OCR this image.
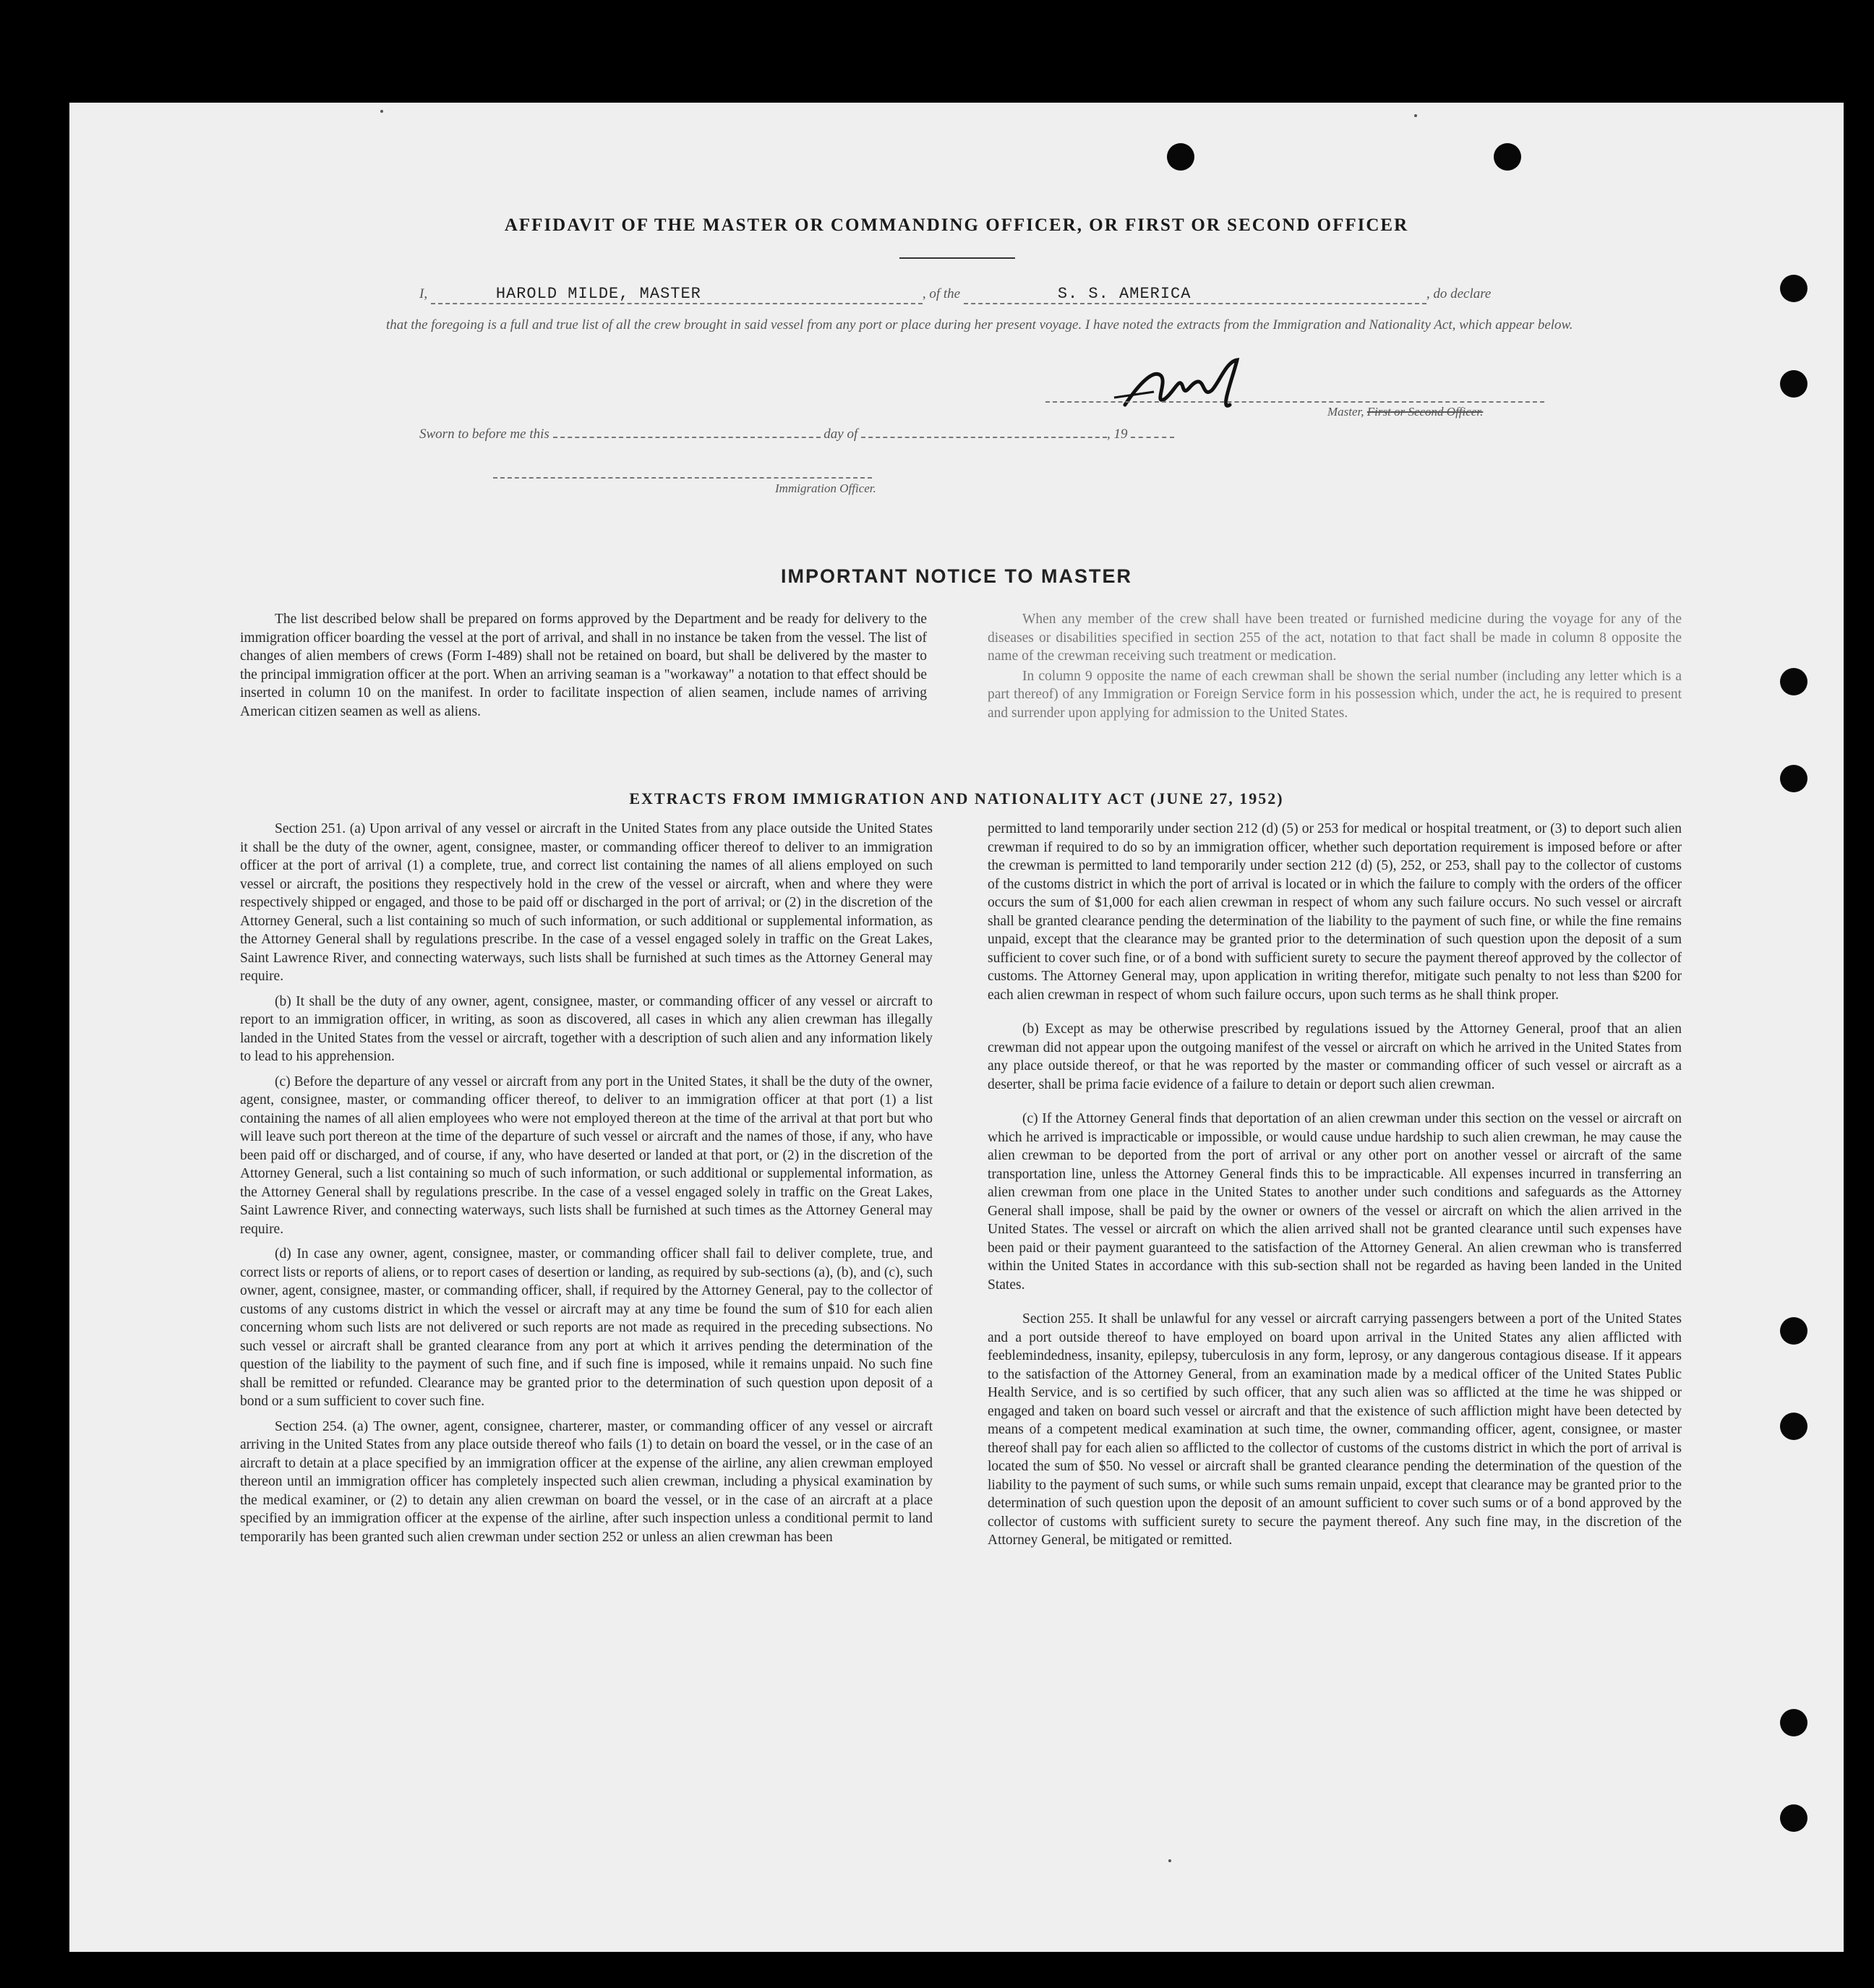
AFFIDAVIT OF THE MASTER OR COMMANDING OFFICER, OR FIRST OR SECOND OFFICER
I,	HAROLD MILDE, MASTER	, of the	S. S. AMERICA	, do declare
that the foregoing is a full and true list of all the crew brought in said vessel from any port or place during her present voyage. I have noted the extracts from the Immigration and Nationality Act, which appear below.
Master, First or Second Officer.
Sworn to before me this	day of	, 19
Immigration Officer.
IMPORTANT NOTICE TO MASTER

The list described below shall be prepared on forms approved by the Department and be ready for delivery to the immigration officer boarding the vessel at the port of arrival, and shall in no instance be taken from the vessel. The list of changes of alien members of crews (Form I-489) shall not be retained on board, but shall be delivered by the master to the principal immigration officer at the port. When an arriving seaman is a "workaway" a notation to that effect should be inserted in column 10 on the manifest. In order to facilitate inspection of alien seamen, include names of arriving American citizen seamen as well as aliens.

When any member of the crew shall have been treated or furnished medicine during the voyage for any of the diseases or disabilities specified in section 255 of the act, notation to that fact shall be made in column 8 opposite the name of the crewman receiving such treatment or medication.

In column 9 opposite the name of each crewman shall be shown the serial number (including any letter which is a part thereof) of any Immigration or Foreign Service form in his possession which, under the act, he is required to present and surrender upon applying for admission to the United States.

EXTRACTS FROM IMMIGRATION AND NATIONALITY ACT (JUNE 27, 1952)

Section 251. (a) Upon arrival of any vessel or aircraft in the United States from any place outside the United States it shall be the duty of the owner, agent, consignee, master, or commanding officer thereof to deliver to an immigration officer at the port of arrival (1) a complete, true, and correct list containing the names of all aliens employed on such vessel or aircraft, the positions they respectively hold in the crew of the vessel or aircraft, when and where they were respectively shipped or engaged, and those to be paid off or discharged in the port of arrival; or (2) in the discretion of the Attorney General, such a list containing so much of such information, or such additional or supplemental information, as the Attorney General shall by regulations prescribe. In the case of a vessel engaged solely in traffic on the Great Lakes, Saint Lawrence River, and connecting waterways, such lists shall be furnished at such times as the Attorney General may require.

(b) It shall be the duty of any owner, agent, consignee, master, or commanding officer of any vessel or aircraft to report to an immigration officer, in writing, as soon as discovered, all cases in which any alien crewman has illegally landed in the United States from the vessel or aircraft, together with a description of such alien and any information likely to lead to his apprehension.

(c) Before the departure of any vessel or aircraft from any port in the United States, it shall be the duty of the owner, agent, consignee, master, or commanding officer thereof, to deliver to an immigration officer at that port (1) a list containing the names of all alien employees who were not employed thereon at the time of the arrival at that port but who will leave such port thereon at the time of the departure of such vessel or aircraft and the names of those, if any, who have been paid off or discharged, and of course, if any, who have deserted or landed at that port, or (2) in the discretion of the Attorney General, such a list containing so much of such information, or such additional or supplemental information, as the Attorney General shall by regulations prescribe. In the case of a vessel engaged solely in traffic on the Great Lakes, Saint Lawrence River, and connecting waterways, such lists shall be furnished at such times as the Attorney General may require.

(d) In case any owner, agent, consignee, master, or commanding officer shall fail to deliver complete, true, and correct lists or reports of aliens, or to report cases of desertion or landing, as required by sub-sections (a), (b), and (c), such owner, agent, consignee, master, or commanding officer, shall, if required by the Attorney General, pay to the collector of customs of any customs district in which the vessel or aircraft may at any time be found the sum of $10 for each alien concerning whom such lists are not delivered or such reports are not made as required in the preceding subsections. No such vessel or aircraft shall be granted clearance from any port at which it arrives pending the determination of the question of the liability to the payment of such fine, and if such fine is imposed, while it remains unpaid. No such fine shall be remitted or refunded. Clearance may be granted prior to the determination of such question upon deposit of a bond or a sum sufficient to cover such fine.

Section 254. (a) The owner, agent, consignee, charterer, master, or commanding officer of any vessel or aircraft arriving in the United States from any place outside thereof who fails (1) to detain on board the vessel, or in the case of an aircraft to detain at a place specified by an immigration officer at the expense of the airline, any alien crewman employed thereon until an immigration officer has completely inspected such alien crewman, including a physical examination by the medical examiner, or (2) to detain any alien crewman on board the vessel, or in the case of an aircraft at a place specified by an immigration officer at the expense of the airline, after such inspection unless a conditional permit to land temporarily has been granted such alien crewman under section 252 or unless an alien crewman has been

permitted to land temporarily under section 212 (d) (5) or 253 for medical or hospital treatment, or (3) to deport such alien crewman if required to do so by an immigration officer, whether such deportation requirement is imposed before or after the crewman is permitted to land temporarily under section 212 (d) (5), 252, or 253, shall pay to the collector of customs of the customs district in which the port of arrival is located or in which the failure to comply with the orders of the officer occurs the sum of $1,000 for each alien crewman in respect of whom any such failure occurs. No such vessel or aircraft shall be granted clearance pending the determination of the liability to the payment of such fine, or while the fine remains unpaid, except that the clearance may be granted prior to the determination of such question upon the deposit of a sum sufficient to cover such fine, or of a bond with sufficient surety to secure the payment thereof approved by the collector of customs. The Attorney General may, upon application in writing therefor, mitigate such penalty to not less than $200 for each alien crewman in respect of whom such failure occurs, upon such terms as he shall think proper.

(b) Except as may be otherwise prescribed by regulations issued by the Attorney General, proof that an alien crewman did not appear upon the outgoing manifest of the vessel or aircraft on which he arrived in the United States from any place outside thereof, or that he was reported by the master or commanding officer of such vessel or aircraft as a deserter, shall be prima facie evidence of a failure to detain or deport such alien crewman.

(c) If the Attorney General finds that deportation of an alien crewman under this section on the vessel or aircraft on which he arrived is impracticable or impossible, or would cause undue hardship to such alien crewman, he may cause the alien crewman to be deported from the port of arrival or any other port on another vessel or aircraft of the same transportation line, unless the Attorney General finds this to be impracticable. All expenses incurred in transferring an alien crewman from one place in the United States to another under such conditions and safeguards as the Attorney General shall impose, shall be paid by the owner or owners of the vessel or aircraft on which the alien arrived in the United States. The vessel or aircraft on which the alien arrived shall not be granted clearance until such expenses have been paid or their payment guaranteed to the satisfaction of the Attorney General. An alien crewman who is transferred within the United States in accordance with this sub-section shall not be regarded as having been landed in the United States.

Section 255. It shall be unlawful for any vessel or aircraft carrying passengers between a port of the United States and a port outside thereof to have employed on board upon arrival in the United States any alien afflicted with feeblemindedness, insanity, epilepsy, tuberculosis in any form, leprosy, or any dangerous contagious disease. If it appears to the satisfaction of the Attorney General, from an examination made by a medical officer of the United States Public Health Service, and is so certified by such officer, that any such alien was so afflicted at the time he was shipped or engaged and taken on board such vessel or aircraft and that the existence of such affliction might have been detected by means of a competent medical examination at such time, the owner, commanding officer, agent, consignee, or master thereof shall pay for each alien so afflicted to the collector of customs of the customs district in which the port of arrival is located the sum of $50. No vessel or aircraft shall be granted clearance pending the determination of the question of the liability to the payment of such sums, or while such sums remain unpaid, except that clearance may be granted prior to the determination of such question upon the deposit of an amount sufficient to cover such sums or of a bond approved by the collector of customs with sufficient surety to secure the payment thereof. Any such fine may, in the discretion of the Attorney General, be mitigated or remitted.
